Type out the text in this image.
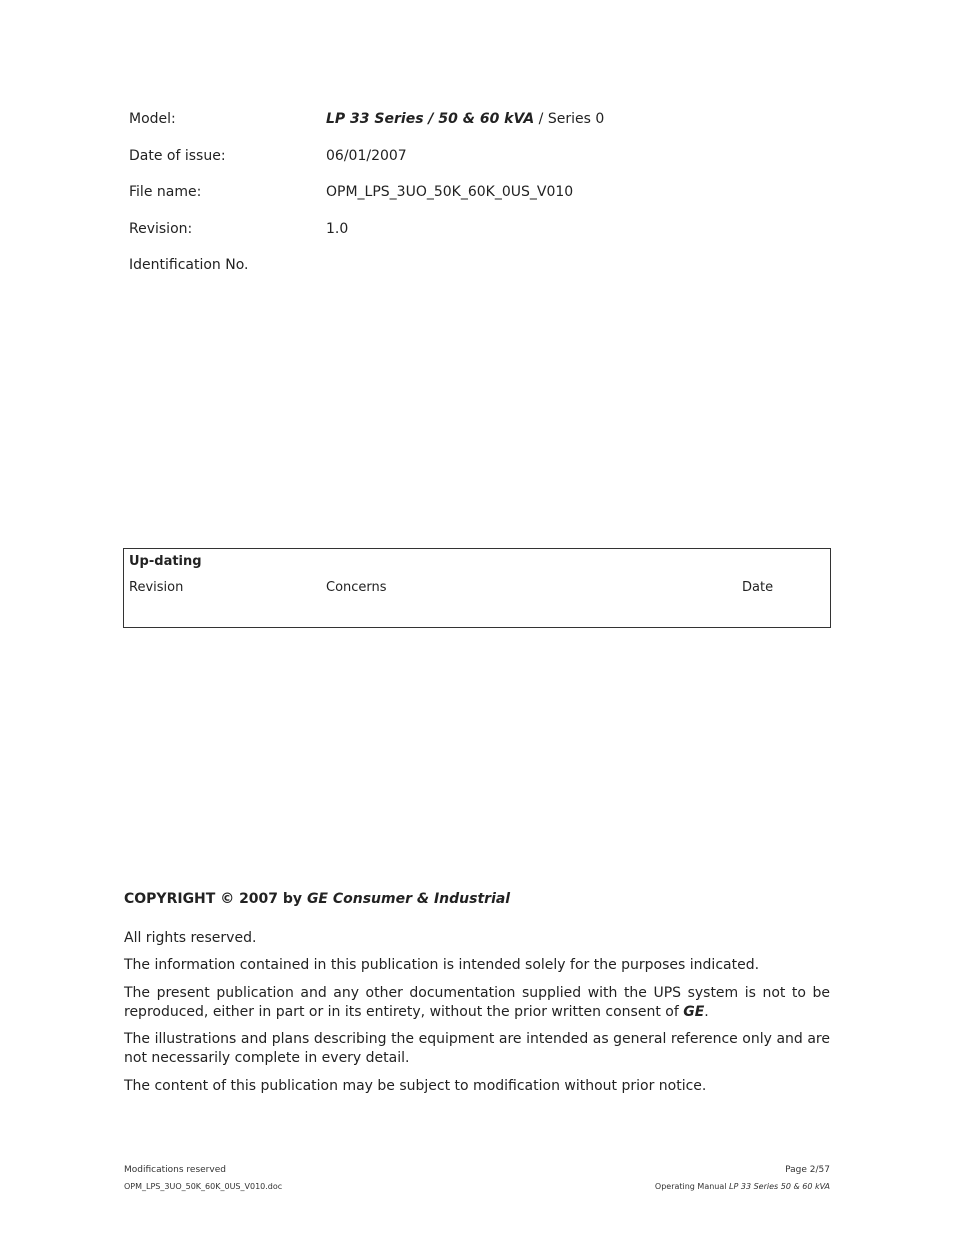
Model:	LP 33 Series / 50 & 60 kVA / Series 0
Date of issue:	06/01/2007
File name:	OPM_LPS_3UO_50K_60K_0US_V010
Revision:	1.0
Identification No.
Up-dating
Revision	Concerns	Date
COPYRIGHT © 2007 by GE Consumer & Industrial
All rights reserved.
The information contained in this publication is intended solely for the purposes indicated.
The present publication and any other documentation supplied with the UPS system is not to be reproduced, either in part or in its entirety, without the prior written consent of GE.
The illustrations and plans describing the equipment are intended as general reference only and are not necessarily complete in every detail.
The content of this publication may be subject to modification without prior notice.
Modifications reserved
OPM_LPS_3UO_50K_60K_0US_V010.doc
Page 2/57
Operating Manual LP 33 Series 50 & 60 kVA
